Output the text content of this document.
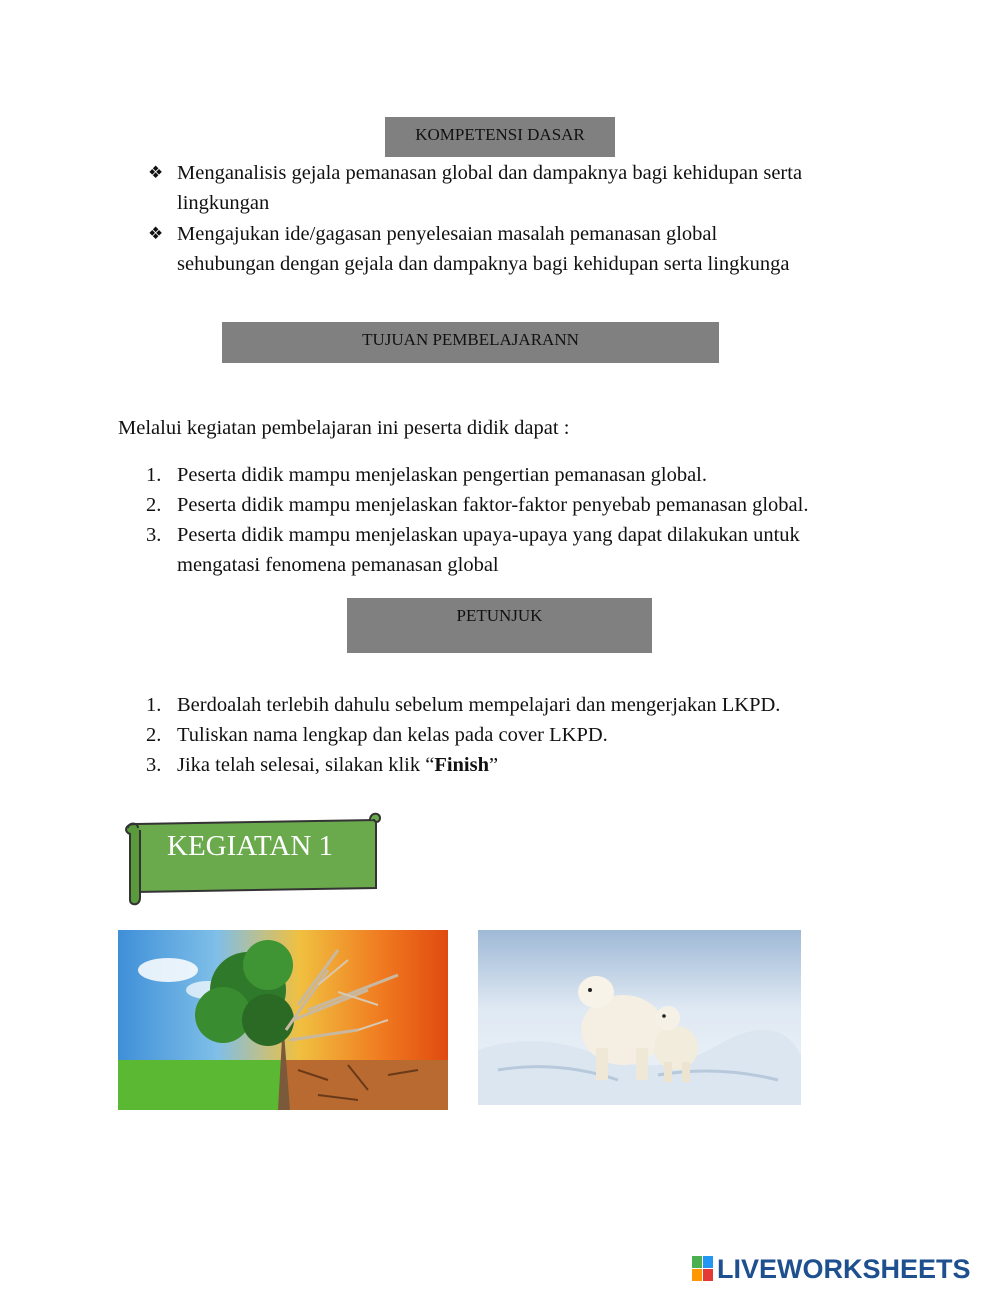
KOMPETENSI DASAR
❖ Menganalisis gejala pemanasan global dan dampaknya bagi kehidupan serta
lingkungan
❖ Mengajukan ide/gagasan penyelesaian masalah pemanasan global
sehubungan dengan gejala dan dampaknya bagi kehidupan serta lingkunga
TUJUAN PEMBELAJARANN
Melalui kegiatan pembelajaran ini peserta didik dapat :
1. Peserta didik mampu menjelaskan pengertian pemanasan global.
2. Peserta didik mampu menjelaskan faktor-faktor penyebab pemanasan global.
3. Peserta didik mampu menjelaskan upaya-upaya yang dapat dilakukan untuk
mengatasi fenomena pemanasan global
PETUNJUK
1. Berdoalah terlebih dahulu sebelum mempelajari dan mengerjakan LKPD.
2. Tuliskan nama lengkap dan kelas pada cover LKPD.
3. Jika telah selesai, silakan klik “Finish”
KEGIATAN 1
LIVEWORKSHEETS
